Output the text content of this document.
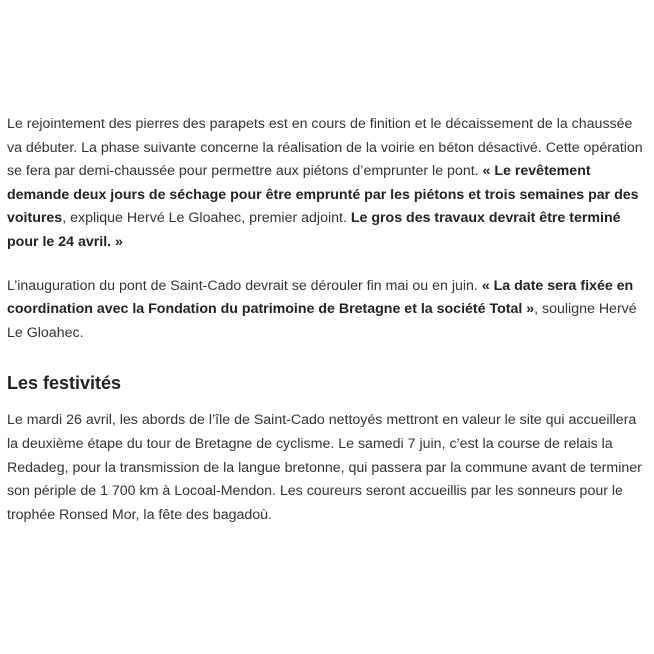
Le rejointement des pierres des parapets est en cours de finition et le décaissement de la chaussée va débuter. La phase suivante concerne la réalisation de la voirie en béton désactivé. Cette opération se fera par demi-chaussée pour permettre aux piétons d’emprunter le pont. « Le revêtement demande deux jours de séchage pour être emprunté par les piétons et trois semaines par des voitures, explique Hervé Le Gloahec, premier adjoint. Le gros des travaux devrait être terminé pour le 24 avril. »

L’inauguration du pont de Saint-Cado devrait se dérouler fin mai ou en juin. « La date sera fixée en coordination avec la Fondation du patrimoine de Bretagne et la société Total », souligne Hervé Le Gloahec.

Les festivités

Le mardi 26 avril, les abords de l’île de Saint-Cado nettoyés mettront en valeur le site qui accueillera la deuxième étape du tour de Bretagne de cyclisme. Le samedi 7 juin, c’est la course de relais la Redadeg, pour la transmission de la langue bretonne, qui passera par la commune avant de terminer son périple de 1 700 km à Locoal-Mendon. Les coureurs seront accueillis par les sonneurs pour le trophée Ronsed Mor, la fête des bagadoù.
